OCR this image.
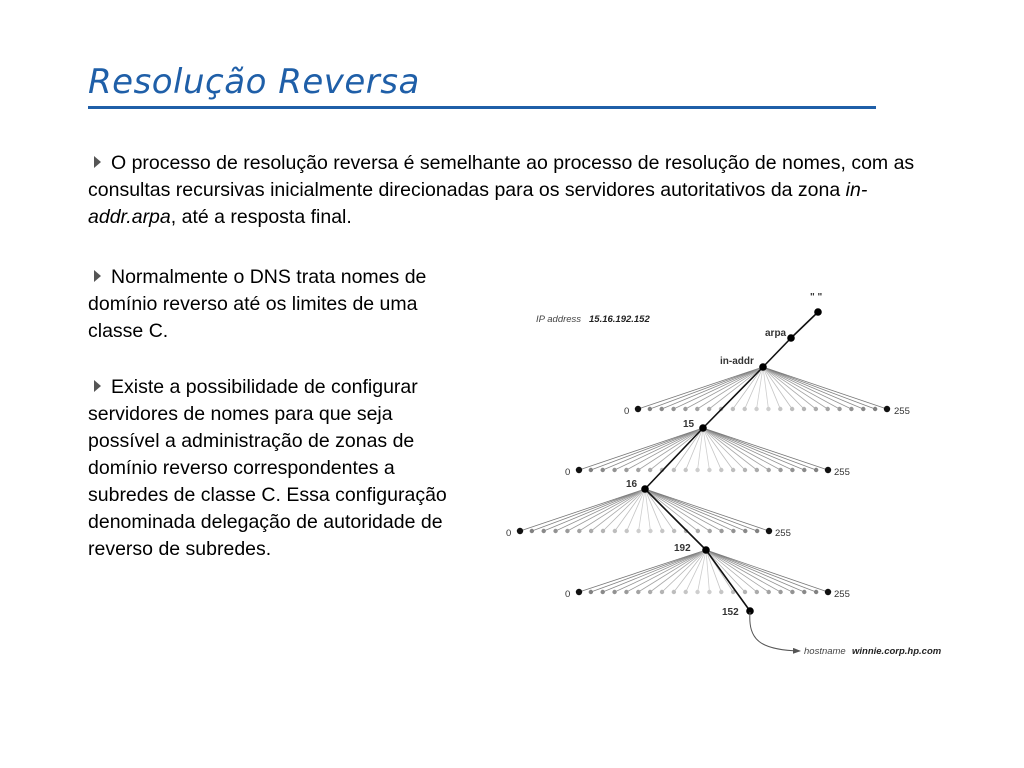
Resolução Reversa

O processo de resolução reversa é semelhante ao processo de resolução de nomes, com as consultas recursivas inicialmente direcionadas para os servidores autoritativos da zona in-addr.arpa, até a resposta final.

Normalmente o DNS trata nomes de domínio reverso até os limites de uma classe C.

Existe a possibilidade de configurar servidores de nomes para que seja possível a administração de zonas de domínio reverso correspondentes a subredes de classe C. Essa configuração denominada delegação de autoridade de reverso de subredes.

IP address 15.16.192.152
" "
arpa
in-addr
0	255
15
0	255
16
0	255
192
0	255
152
hostname winnie.corp.hp.com
